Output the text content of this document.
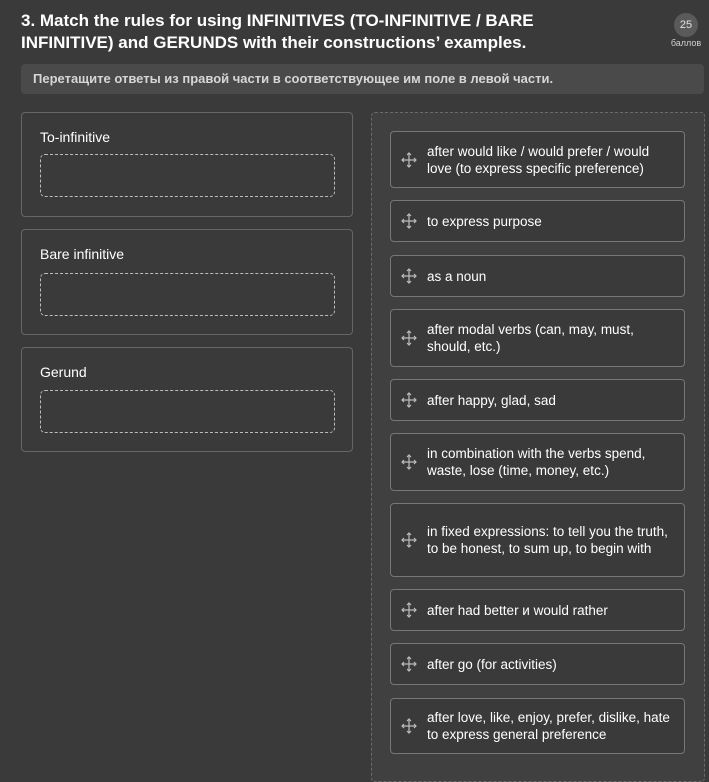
3. Match the rules for using INFINITIVES (TO-INFINITIVE / BARE INFINITIVE) and GERUNDS with their constructions’ examples.
25
баллов
Перетащите ответы из правой части в соответствующее им поле в левой части.
To-infinitive
Bare infinitive
Gerund
after would like / would prefer / would love (to express specific preference)
to express purpose
as a noun
after modal verbs (can, may, must, should, etc.)
after happy, glad, sad
in combination with the verbs spend, waste, lose (time, money, etc.)
in fixed expressions: to tell you the truth, to be honest, to sum up, to begin with
after had better и would rather
after go (for activities)
after love, like, enjoy, prefer, dislike, hate to express general preference
